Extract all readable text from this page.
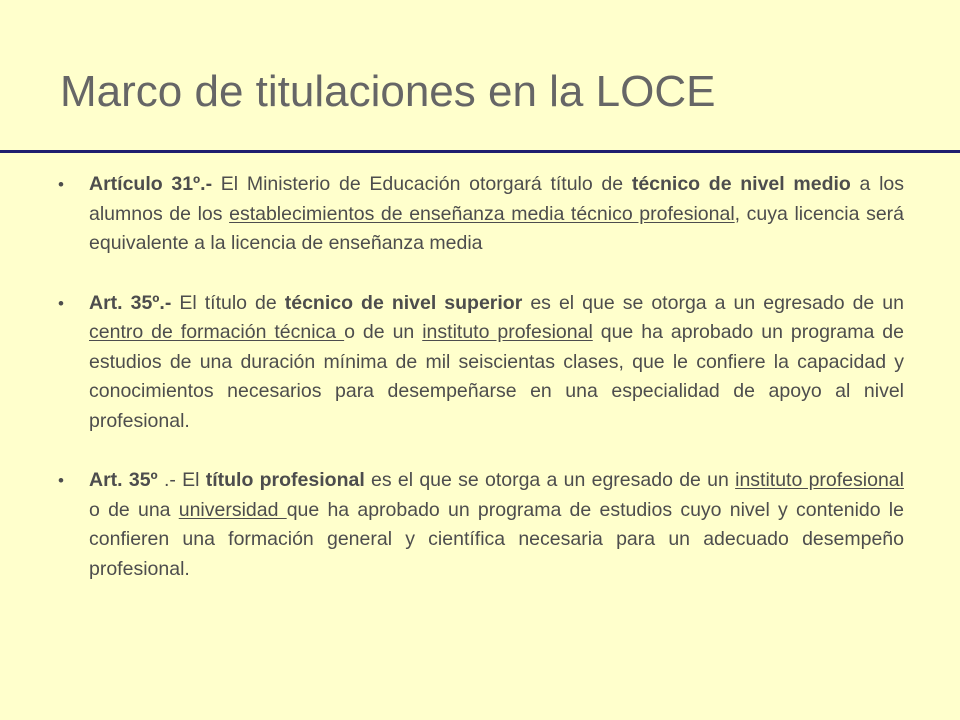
Marco de titulaciones en la LOCE
•	Artículo 31º.- El Ministerio de Educación otorgará título de técnico de nivel medio a los alumnos de los establecimientos de enseñanza media técnico profesional, cuya licencia será equivalente a la licencia de enseñanza media
•	Art. 35º.- El título de técnico de nivel superior es el que se otorga a un egresado de un centro de formación técnica o de un instituto profesional que ha aprobado un programa de estudios de una duración mínima de mil seiscientas clases, que le confiere la capacidad y conocimientos necesarios para desempeñarse en una especialidad de apoyo al nivel profesional.
•	Art. 35º .- El título profesional es el que se otorga a un egresado de un instituto profesional o de una universidad que ha aprobado un programa de estudios cuyo nivel y contenido le confieren una formación general y científica necesaria para un adecuado desempeño profesional.
